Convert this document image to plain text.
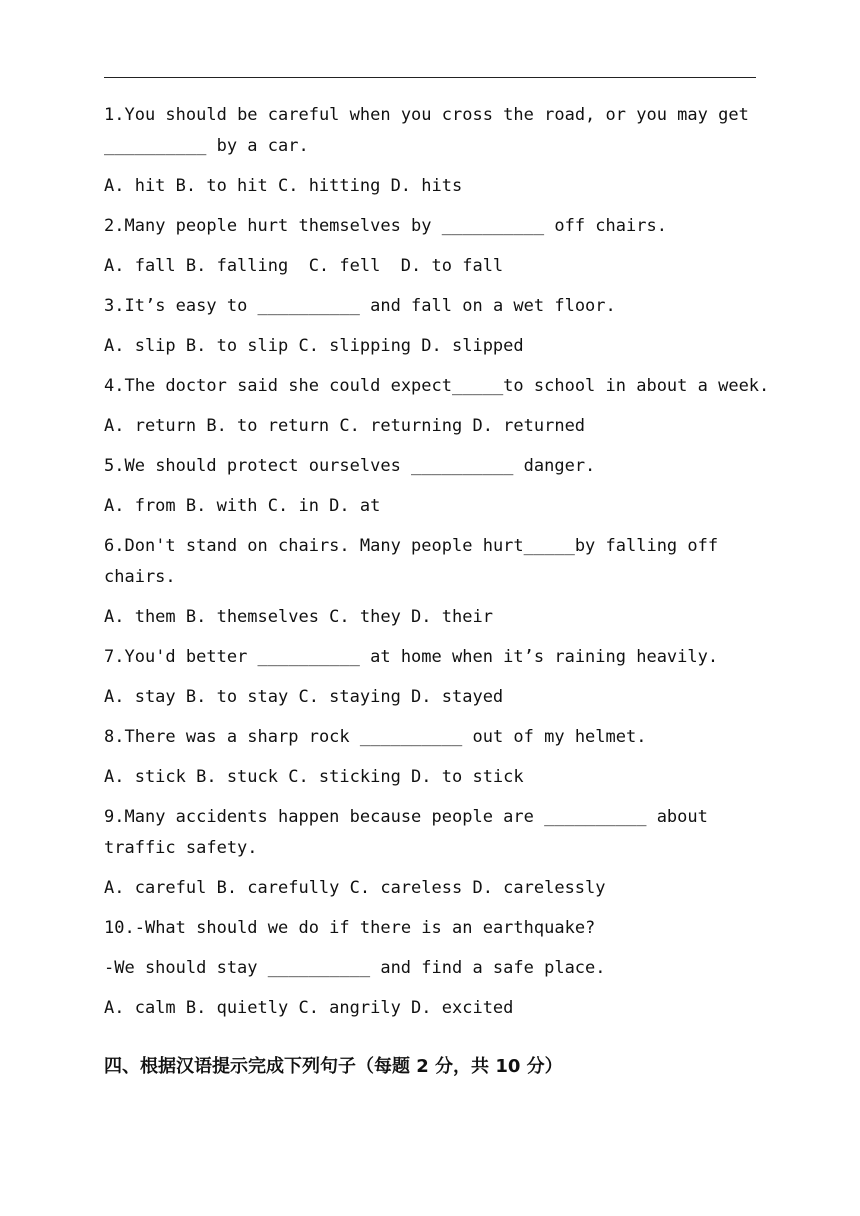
1.You should be careful when you cross the road, or you may get
__________ by a car.
A. hit B. to hit C. hitting D. hits
2.Many people hurt themselves by __________ off chairs.
A. fall B. falling  C. fell  D. to fall
3.It’s easy to __________ and fall on a wet floor.
A. slip B. to slip C. slipping D. slipped
4.The doctor said she could expect_____to school in about a week.
A. return B. to return C. returning D. returned
5.We should protect ourselves __________ danger.
A. from B. with C. in D. at
6.Don't stand on chairs. Many people hurt_____by falling off
chairs.
A. them B. themselves C. they D. their
7.You'd better __________ at home when it’s raining heavily.
A. stay B. to stay C. staying D. stayed
8.There was a sharp rock __________ out of my helmet.
A. stick B. stuck C. sticking D. to stick
9.Many accidents happen because people are __________ about
traffic safety.
A. careful B. carefully C. careless D. carelessly
10.-What should we do if there is an earthquake?
-We should stay __________ and find a safe place.
A. calm B. quietly C. angrily D. excited
四、根据汉语提示完成下列句子（每题 2 分，共 10 分）
